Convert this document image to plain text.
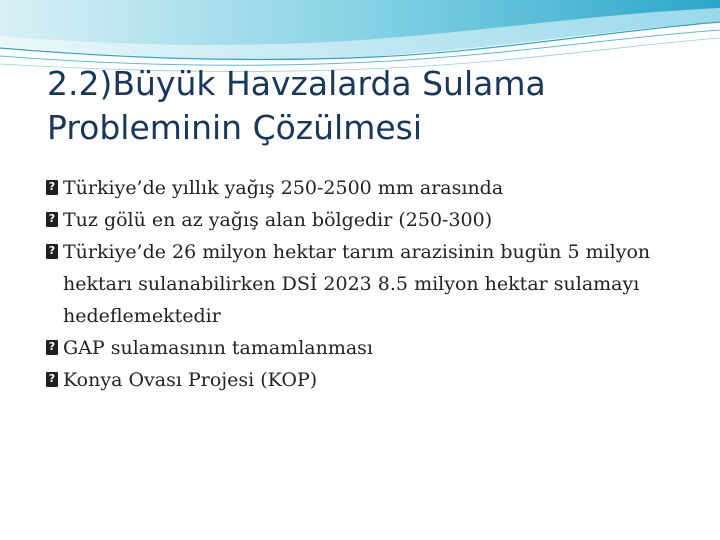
2.2)Büyük Havzalarda Sulama
Probleminin Çözülmesi
?
Türkiye’de yıllık yağış 250-2500 mm arasında
?
Tuz gölü en az yağış alan bölgedir (250-300)
?
Türkiye’de 26 milyon hektar tarım arazisinin bugün 5 milyon hektarı sulanabilirken DSİ 2023 8.5 milyon hektar sulamayı hedeflemektedir
?
GAP sulamasının tamamlanması
?
Konya Ovası Projesi (KOP)
